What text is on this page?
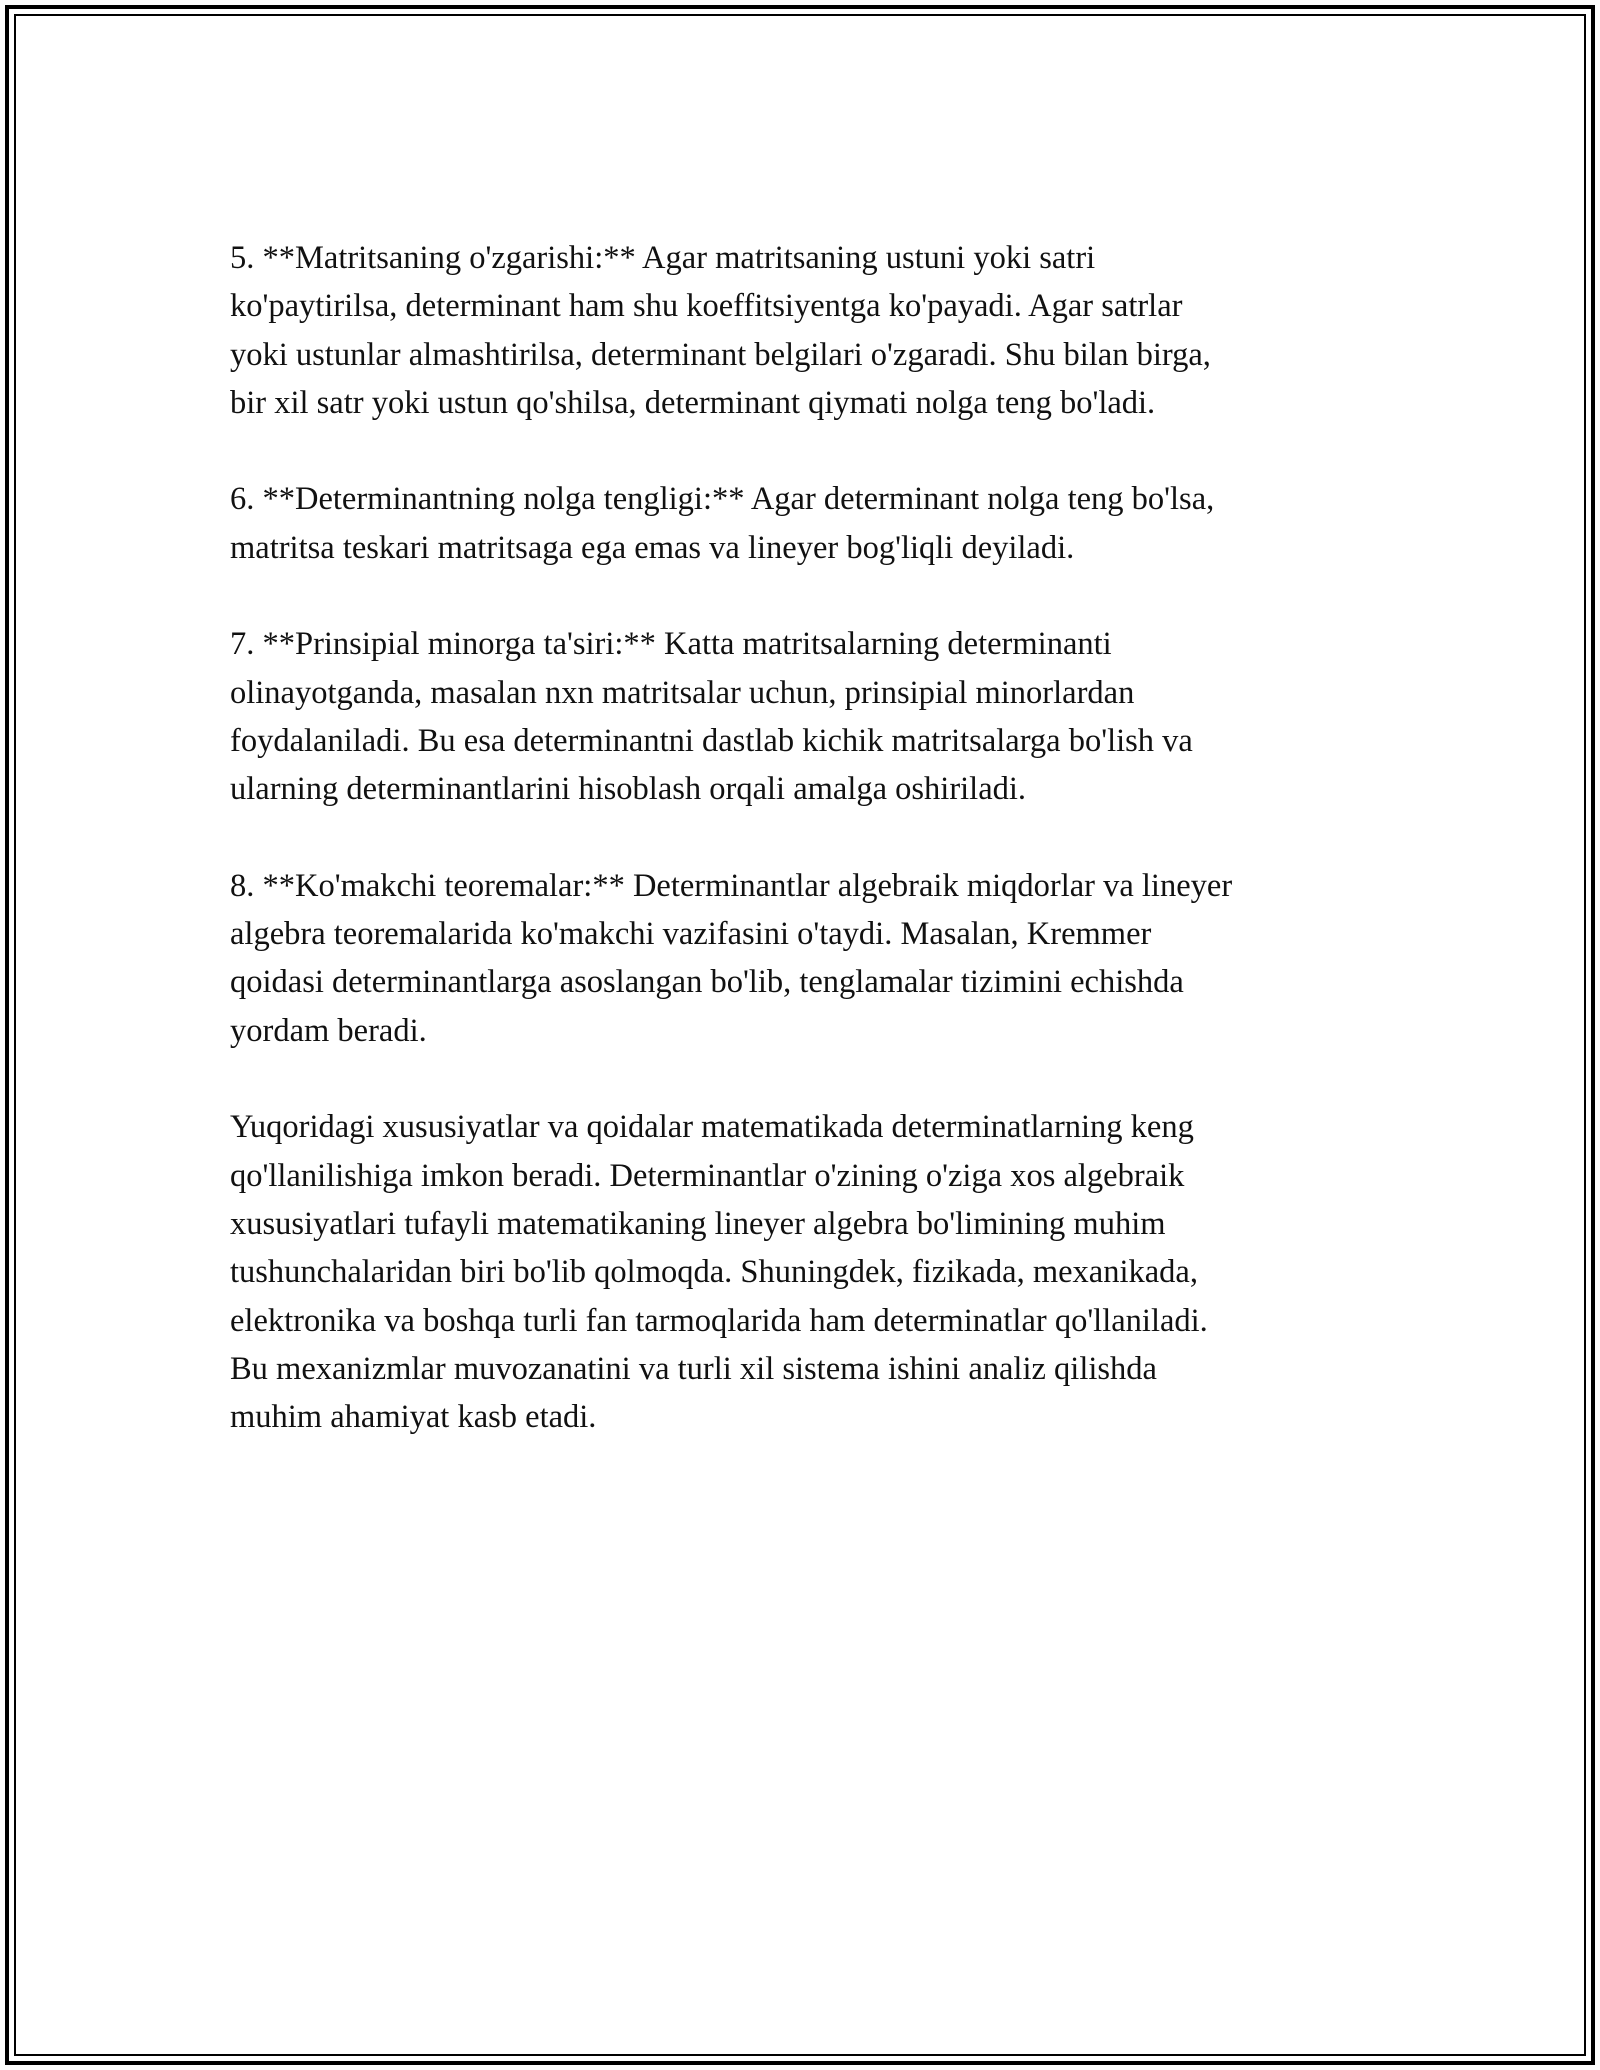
5. **Matritsaning o'zgarishi:** Agar matritsaning ustuni yoki satri
ko'paytirilsa, determinant ham shu koeffitsiyentga ko'payadi. Agar satrlar
yoki ustunlar almashtirilsa, determinant belgilari o'zgaradi. Shu bilan birga,
bir xil satr yoki ustun qo'shilsa, determinant qiymati nolga teng bo'ladi.

6. **Determinantning nolga tengligi:** Agar determinant nolga teng bo'lsa,
matritsa teskari matritsaga ega emas va lineyer bog'liqli deyiladi.

7. **Prinsipial minorga ta'siri:** Katta matritsalarning determinanti
olinayotganda, masalan nxn matritsalar uchun, prinsipial minorlardan
foydalaniladi. Bu esa determinantni dastlab kichik matritsalarga bo'lish va
ularning determinantlarini hisoblash orqali amalga oshiriladi.

8. **Ko'makchi teoremalar:** Determinantlar algebraik miqdorlar va lineyer
algebra teoremalarida ko'makchi vazifasini o'taydi. Masalan, Kremmer
qoidasi determinantlarga asoslangan bo'lib, tenglamalar tizimini echishda
yordam beradi.

Yuqoridagi xususiyatlar va qoidalar matematikada determinatlarning keng
qo'llanilishiga imkon beradi. Determinantlar o'zining o'ziga xos algebraik
xususiyatlari tufayli matematikaning lineyer algebra bo'limining muhim
tushunchalaridan biri bo'lib qolmoqda. Shuningdek, fizikada, mexanikada,
elektronika va boshqa turli fan tarmoqlarida ham determinatlar qo'llaniladi.
Bu mexanizmlar muvozanatini va turli xil sistema ishini analiz qilishda
muhim ahamiyat kasb etadi.
